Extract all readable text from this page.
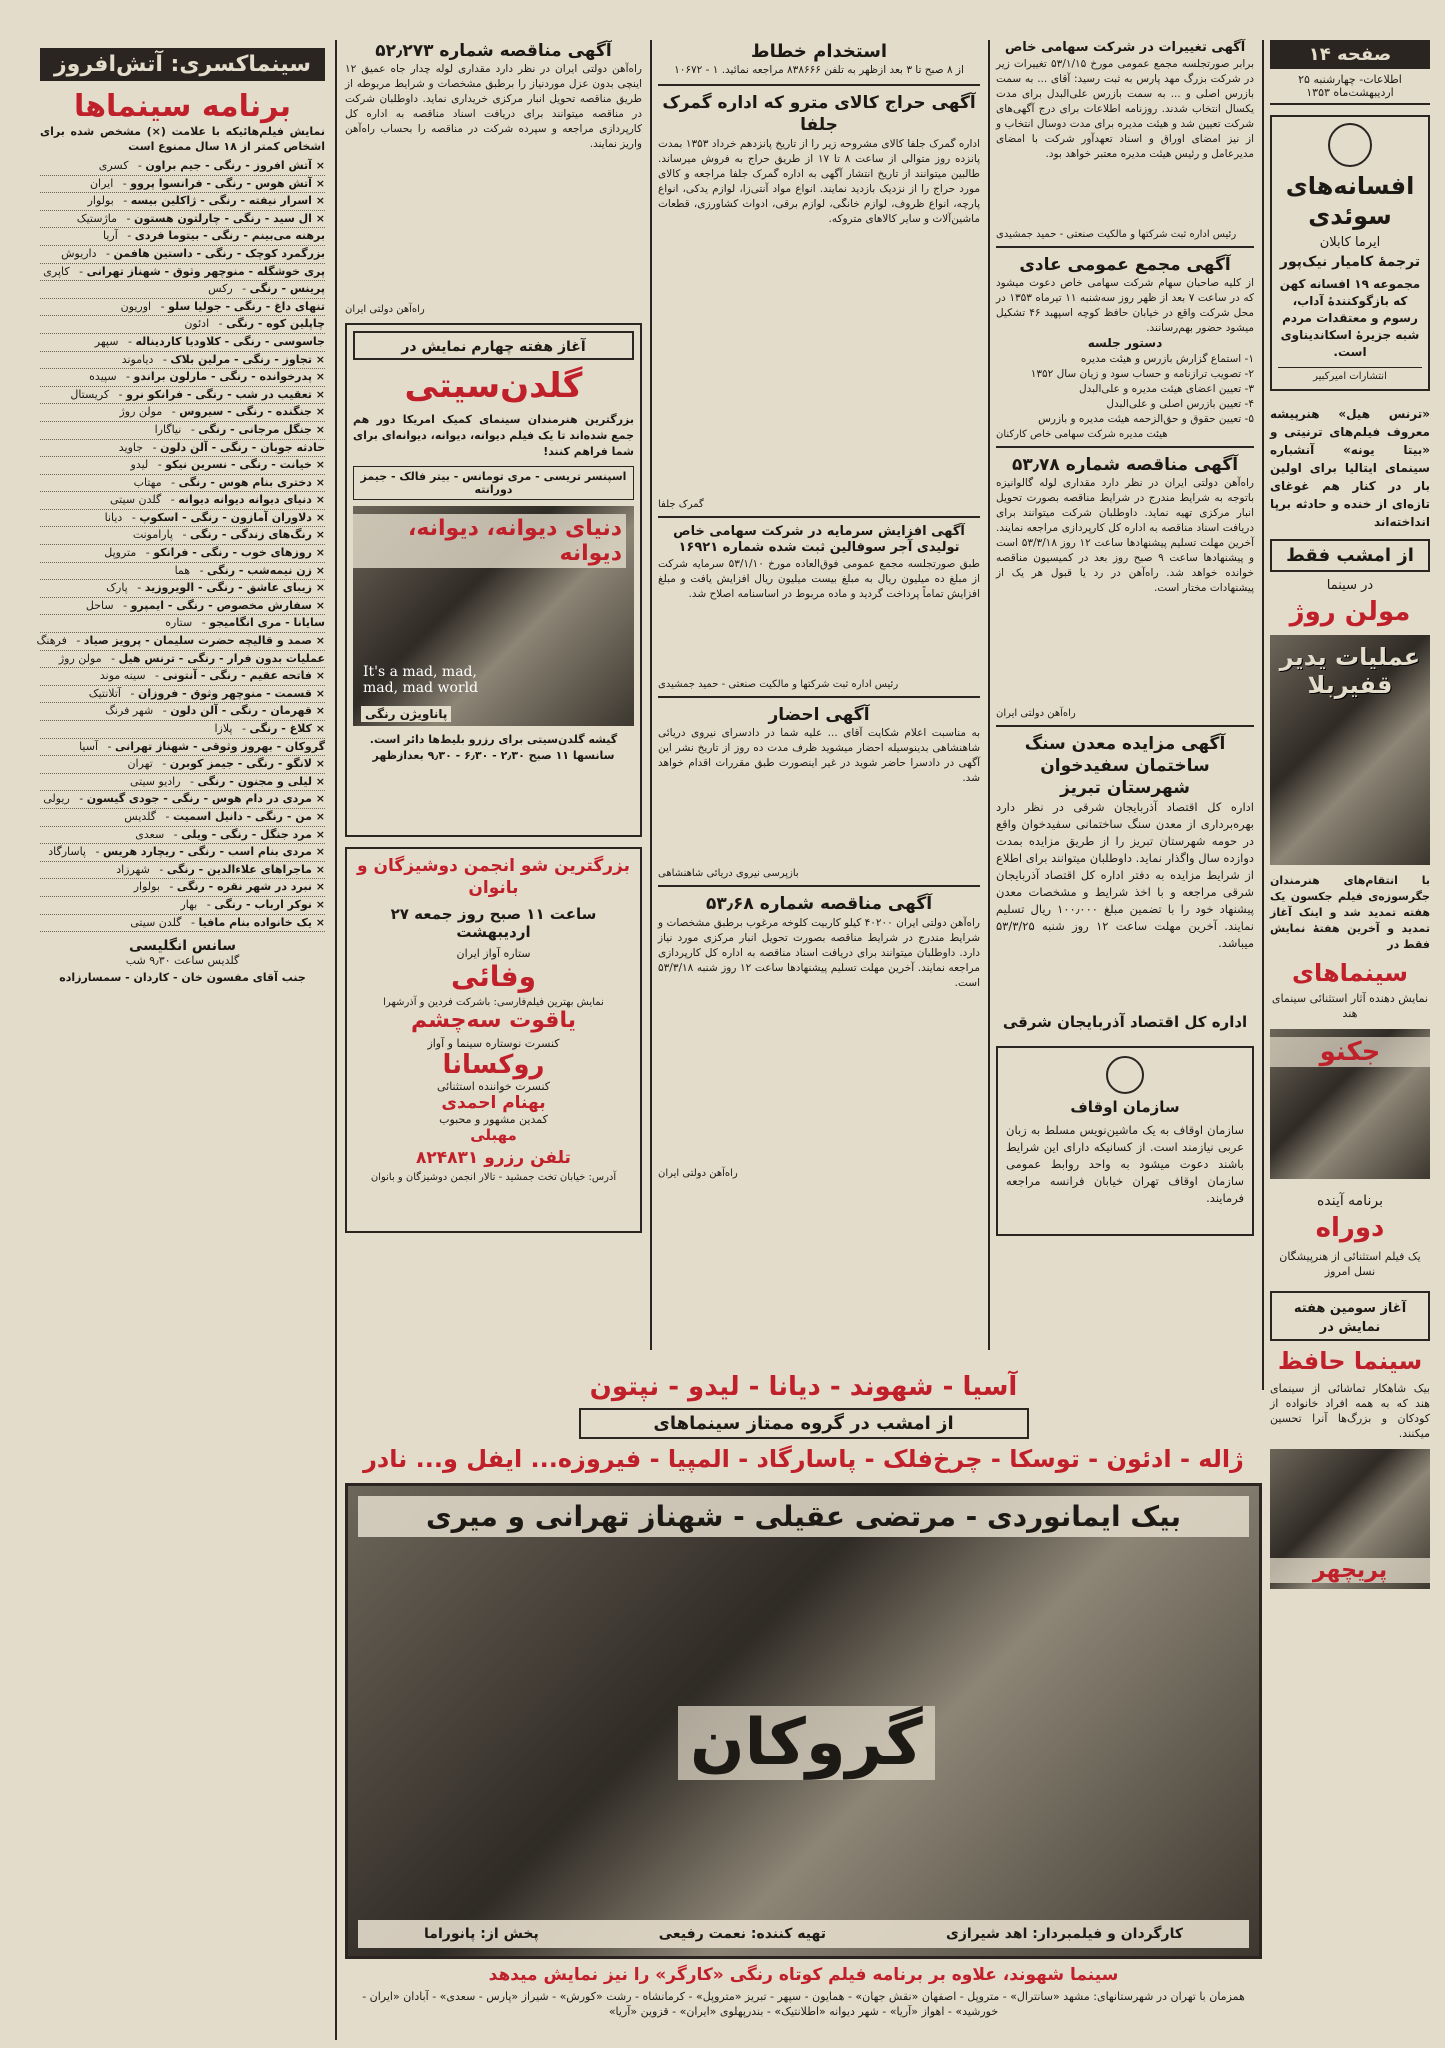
صفحه ۱۴
اطلاعات- چهارشنبه ۲۵ اردیبهشت‌ماه ۱۳۵۳
افسانه‌های سوئدی
ایرما کابلان
ترجمهٔ کامیار نیک‌پور
مجموعه ۱۹ افسانه کهن که بازگوکنندهٔ آداب، رسوم و معتقدات مردم شبه جزیرهٔ اسکاندیناوی است.
انتشارات امیرکبیر
«ترنس هیل» هنرپیشه معروف فیلم‌های ترنیتی و «بیتا یونه» آنشباره سینمای ایتالیا برای اولین بار در کنار هم غوغای تازه‌ای از خنده و حادثه برپا انداخته‌اند
از امشب فقط
در سینما
مولن روژ
عملیات یدیر قفیربلا
با انتقام‌های هنرمندان جگرسوزه‌ی فیلم جکسون یک هفته تمدید شد و اینک آغاز تمدید و آخرین هفتهٔ نمایش فقط در
سینماهای
نمایش دهنده آثار استثنائی سینمای هند
جکنو
برنامه آینده
دوراه
یک فیلم استثنائی از هنرپیشگان نسل امروز
آغاز سومین هفته نمایش در
سینما حافظ
بیک شاهکار تماشائی از سینمای هند که به همه افراد خانواده از کودکان و بزرگ‌ها آنرا تحسین میکنند.
پریچهر
آگهی تغییرات در شرکت سهامی خاص
برابر صورتجلسه مجمع عمومی مورخ ۵۳/۱/۱۵ تغییرات زیر در شرکت بزرگ مهد پارس به ثبت رسید: آقای ... به سمت بازرس اصلی و ... به سمت بازرس علی‌البدل برای مدت یکسال انتخاب شدند. روزنامه اطلاعات برای درج آگهی‌های شرکت تعیین شد و هیئت مدیره برای مدت دوسال انتخاب و از نیز امضای اوراق و اسناد تعهدآور شرکت با امضای مدیرعامل و رئیس هیئت مدیره معتبر خواهد بود.
رئیس اداره ثبت شرکتها و مالکیت صنعتی - حمید جمشیدی
آگهی مجمع عمومی عادی
از کلیه صاحبان سهام شرکت سهامی خاص دعوت میشود که در ساعت ۷ بعد از ظهر روز سه‌شنبه ۱۱ تیرماه ۱۳۵۳ در محل شرکت واقع در خیابان حافظ کوچه اسپهبد ۴۶ تشکیل میشود حضور بهم‌رسانند.
دستور جلسه
۱- استماع گزارش بازرس و هیئت مدیره
۲- تصویب ترازنامه و حساب سود و زیان سال ۱۳۵۲
۳- تعیین اعضای هیئت مدیره و علی‌البدل
۴- تعیین بازرس اصلی و علی‌البدل
۵- تعیین حقوق و حق‌الزحمه هیئت مدیره و بازرس
هیئت مدیره شرکت سهامی خاص کارکنان
آگهی مناقصه شماره ۵۳٫۷۸
راه‌آهن دولتی ایران در نظر دارد مقداری لوله گالوانیزه باتوجه به شرایط مندرج در شرایط مناقصه بصورت تحویل انبار مرکزی تهیه نماید. داوطلبان شرکت میتوانند برای دریافت اسناد مناقصه به اداره کل کارپردازی مراجعه نمایند. آخرین مهلت تسلیم پیشنهادها ساعت ۱۲ روز ۵۳/۳/۱۸ است و پیشنهادها ساعت ۹ صبح روز بعد در کمیسیون مناقصه خوانده خواهد شد. راه‌آهن در رد یا قبول هر یک از پیشنهادات مختار است.
راه‌آهن دولتی ایران
آگهی مزایده معدن سنگ ساختمان سفیدخوان شهرستان تبریز
اداره کل اقتصاد آذربایجان شرقی در نظر دارد بهره‌برداری از معدن سنگ ساختمانی سفیدخوان واقع در حومه شهرستان تبریز را از طریق مزایده بمدت دوازده سال واگذار نماید. داوطلبان میتوانند برای اطلاع از شرایط مزایده به دفتر اداره کل اقتصاد آذربایجان شرقی مراجعه و با اخذ شرایط و مشخصات معدن پیشنهاد خود را با تضمین مبلغ ۱۰۰٫۰۰۰ ریال تسلیم نمایند. آخرین مهلت ساعت ۱۲ روز شنبه ۵۳/۳/۲۵ میباشد.
اداره کل اقتصاد آذربایجان شرقی
سازمان اوقاف
سازمان اوقاف به یک ماشین‌نویس مسلط به زبان عربی نیازمند است. از کسانیکه دارای این شرایط باشند دعوت میشود به واحد روابط عمومی سازمان اوقاف تهران خیابان فرانسه مراجعه فرمایند.
استخدام خطاط
از ۸ صبح تا ۳ بعد ازظهر به تلفن ۸۳۸۶۶۶ مراجعه نمائید. ۱ - ۱۰۶۷۲
آگهی حراج کالای مترو که اداره گمرک جلفا
اداره گمرک جلفا کالای مشروحه زیر را از تاریخ پانزدهم خرداد ۱۳۵۳ بمدت پانزده روز متوالی از ساعت ۸ تا ۱۷ از طریق حراج به فروش میرساند. طالبین میتوانند از تاریخ انتشار آگهی به اداره گمرک جلفا مراجعه و کالای مورد حراج را از نزدیک بازدید نمایند. انواع مواد آنتی‌زا، لوازم یدکی، انواع پارچه، انواع ظروف، لوازم خانگی، لوازم برقی، ادوات کشاورزی، قطعات ماشین‌آلات و سایر کالاهای متروکه.
گمرک جلفا
آگهی افزایش سرمایه در شرکت سهامی خاص تولیدی آجر سوفالین ثبت شده شماره ۱۶۹۲۱
طبق صورتجلسه مجمع عمومی فوق‌العاده مورخ ۵۳/۱/۱۰ سرمایه شرکت از مبلغ ده میلیون ریال به مبلغ بیست میلیون ریال افزایش یافت و مبلغ افزایش تماماً پرداخت گردید و ماده مربوط در اساسنامه اصلاح شد.
رئیس اداره ثبت شرکتها و مالکیت صنعتی - حمید جمشیدی
آگهی احضار
به مناسبت اعلام شکایت آقای ... علیه شما در دادسرای نیروی دریائی شاهنشاهی بدینوسیله احضار میشوید ظرف مدت ده روز از تاریخ نشر این آگهی در دادسرا حاضر شوید در غیر اینصورت طبق مقررات اقدام خواهد شد.
بازپرسی نیروی دریائی شاهنشاهی
آگهی مناقصه شماره ۵۳٫۶۸
راه‌آهن دولتی ایران ۴۰۲۰۰ کیلو کاربیت کلوخه مرغوب برطبق مشخصات و شرایط مندرج در شرایط مناقصه بصورت تحویل انبار مرکزی مورد نیاز دارد. داوطلبان میتوانند برای دریافت اسناد مناقصه به اداره کل کارپردازی مراجعه نمایند. آخرین مهلت تسلیم پیشنهادها ساعت ۱۲ روز شنبه ۵۳/۳/۱۸ است.
راه‌آهن دولتی ایران
آگهی مناقصه شماره ۵۲٫۲۷۳
راه‌آهن دولتی ایران در نظر دارد مقداری لوله چدار جاه عمیق ۱۲ اینچی بدون عزل موردنیاز را برطبق مشخصات و شرایط مربوطه از طریق مناقصه تحویل انبار مرکزی خریداری نماید. داوطلبان شرکت در مناقصه میتوانند برای دریافت اسناد مناقصه به اداره کل کارپردازی مراجعه و سپرده شرکت در مناقصه را بحساب راه‌آهن واریز نمایند.
راه‌آهن دولتی ایران
آغاز هفته چهارم نمایش در
گلدن‌سیتی
بزرگترین هنرمندان سینمای کمیک امریکا دور هم جمع شده‌اند تا یک فیلم دیوانه، دیوانه، دیوانه‌ای برای شما فراهم کنند!
اسپنسر تریسی - مری تومانس - بیتر فالک - جیمز دورانته
دنیای دیوانه، دیوانه، دیوانه
It's a mad, mad, mad, mad world
پاناویژن رنگی
گیشه گلدن‌سیتی برای رزرو بلیط‌ها دائر است. سانسها ۱۱ صبح ۲٫۳۰ - ۶٫۳۰ - ۹٫۳۰ بعدازظهر
بزرگترین شو انجمن دوشیزگان و بانوان
ساعت ۱۱ صبح روز جمعه ۲۷ اردیبهشت
ستاره آواز ایران
وفائی
نمایش بهترین فیلم‌فارسی: باشرکت فردین و آذرشهرا
یاقوت سه‌چشم
کنسرت نوستاره سینما و آواز
روکسانا
کنسرت خواننده استثنائی
بهنام احمدی
کمدین مشهور و محبوب
مهبلی
تلفن رزرو ۸۲۴۸۳۱
آدرس: خیابان تخت جمشید - تالار انجمن دوشیزگان و بانوان
سینماکسری: آتش‌افروز
برنامه سینماها
نمایش فیلم‌هائیکه با علامت (×) مشخص شده برای اشخاص کمتر از ۱۸ سال ممنوع است
× آتش افروز - رنگی - جیم براون - کسری
× آتش هوس - رنگی - فرانسوا پروو - ایران
× اسرار نیفته - رنگی - ژاکلین بیسه - بولوار
× ال سید - رنگی - چارلتون هستون - ماژستیک
برهنه می‌بینم - رنگی - بیتوما فردی - آریا
بزرگمرد کوچک - رنگی - داستین هافمن - داریوش
پری خوشگله - منوچهر وثوق - شهناز تهرانی - کاپری
پرینس - رنگی - رکس
تنهای داغ - رنگی - جولیا سلو - اوریون
چاپلین کوه - رنگی - ادئون
جاسوسی - رنگی - کلاودیا کاردیناله - سپهر
× تجاوز - رنگی - مرلین بلاک - دیاموند
× پدرخوانده - رنگی - مارلون براندو - سپیده
× تعقیب در شب - رنگی - فرانکو نرو - کریستال
× جنگنده - رنگی - سیروس - مولن روژ
× جنگل مرجانی - رنگی - نیاگارا
حادثه جوبان - رنگی - آلن دلون - جاوید
× خیانت - رنگی - نسرین نیکو - لیدو
× دختری بنام هوس - رنگی - مهتاب
× دنیای دیوانه دیوانه دیوانه - گلدن سیتی
× دلاوران آمازون - رنگی - اسکوپ - دیانا
× رنگ‌های زندگی - رنگی - پارامونت
× روزهای خوب - رنگی - فرانکو - متروپل
× زن نیمه‌شب - رنگی - هما
× زیبای عاشق - رنگی - الویروزید - پارک
× سفارش مخصوص - رنگی - ایمپرو - ساحل
سایانا - مری انگامیجو - ستاره
× صمد و قالیچه حضرت سلیمان - پرویز صیاد - فرهنگ
عملیات بدون فرار - رنگی - ترنس هیل - مولن روژ
× فاتحه عقیم - رنگی - آنتونی - سینه موند
× قسمت - منوچهر وثوق - فروزان - آتلانتیک
× قهرمان - رنگی - آلن دلون - شهر فرنگ
× کلاغ - رنگی - پلازا
گروکان - بهروز وثوقی - شهناز تهرانی - آسیا
× لانگو - رنگی - جیمز کوبرن - تهران
× لیلی و مجنون - رنگی - رادیو سیتی
× مردی در دام هوس - رنگی - جودی گیسون - ریولی
× من - رنگی - دانیل اسمیت - گلدیس
× مرد جنگل - رنگی - ویلی - سعدی
× مردی بنام اسب - رنگی - ریچارد هریس - پاسارگاد
× ماجراهای علاءالدین - رنگی - شهرزاد
× نبرد در شهر نقره - رنگی - بولوار
× نوکر ارباب - رنگی - بهار
× یک خانواده بنام مافیا - گلدن سیتی
سانس انگلیسی
گلدیس ساعت ۹٫۳۰ شب
جنب آقای مفسون خان - کاردان - سمسارزاده
آسیا - شهوند - دیانا - لیدو - نپتون
از امشب در گروه ممتاز سینماهای
ژاله - ادئون - توسکا - چرخ‌فلک - پاسارگاد - المپیا - فیروزه... ایفل و... نادر
بیک ایمانوردی - مرتضی عقیلی - شهناز تهرانی و میری
گروکان
کارگردان و فیلمبردار: اهد شیرازی
تهیه کننده: نعمت رفیعی
پخش از: پانوراما
سینما شهوند، علاوه بر برنامه فیلم کوتاه رنگی «کارگر» را نیز نمایش میدهد
همزمان با تهران در شهرستانهای: مشهد «سانترال» - متروپل - اصفهان «نقش جهان» - همایون - سپهر - تبریز «متروپل» - کرمانشاه - رشت «کورش» - شیراز «پارس - سعدی» - آبادان «ایران - خورشید» - اهواز «آریا» - شهر دیوانه «اطلانتیک» - بندرپهلوی «ایران» - قزوین «آریا»
